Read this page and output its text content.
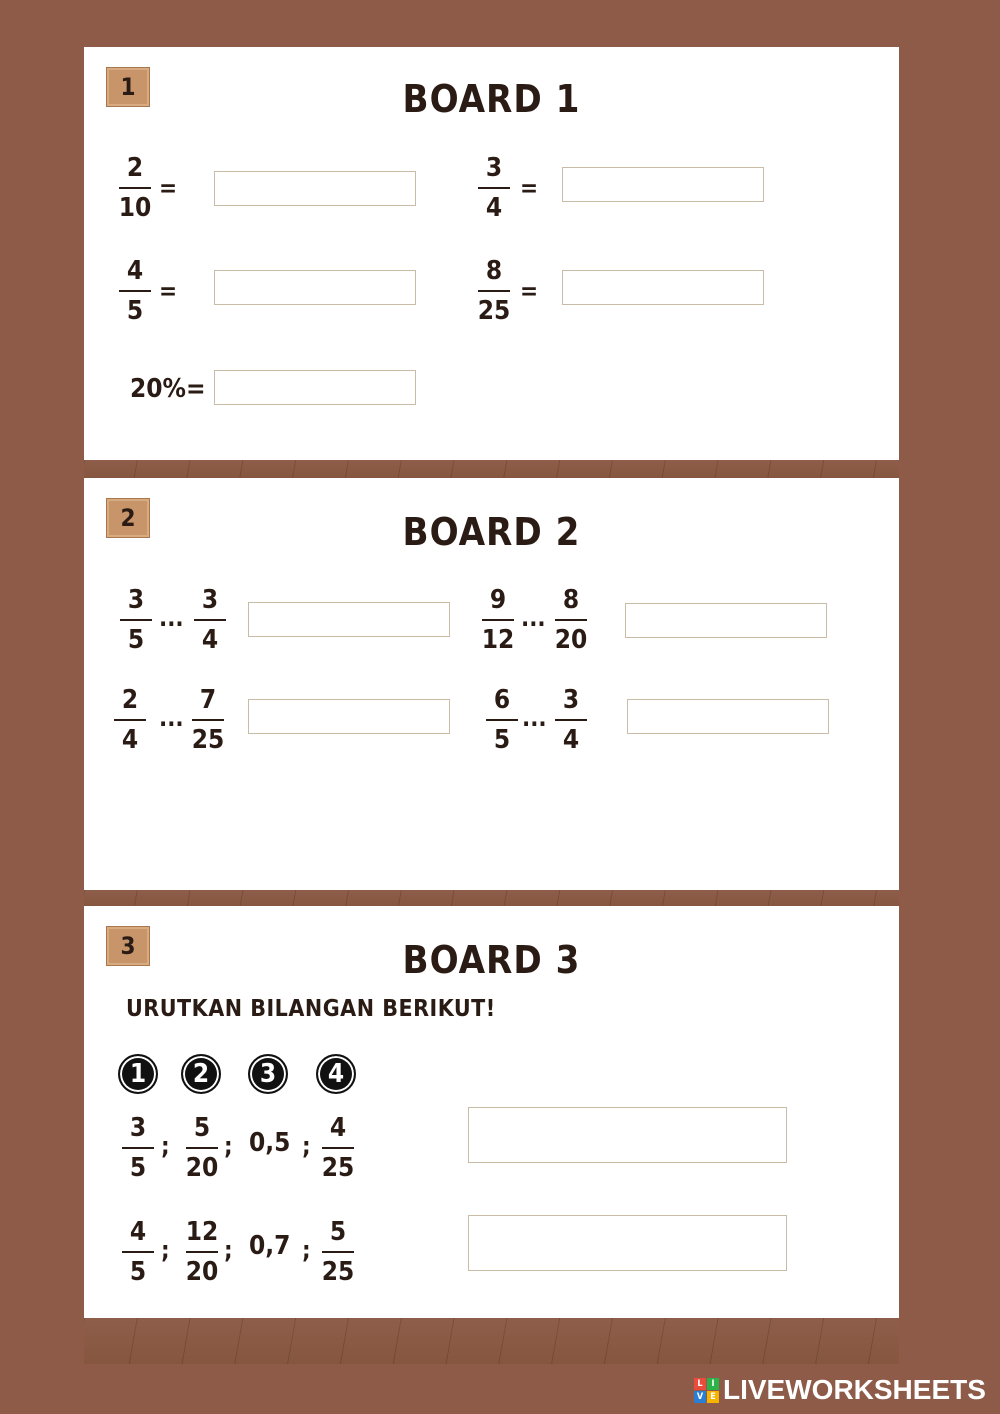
1	BOARD 1
2
10
=
3
4
=
4
5
=
8
25
=
20%=
2	BOARD 2
3
5
...
3
4
9
12
...
8
20
2
4
...
7
25
6
5
...
3
4
3	BOARD 3
URUTKAN BILANGAN BERIKUT!
1	2	3	4
3
5
;
5
20
; 0,5 ;
4
25
4
5
;
12
20
; 0,7 ;
5
25
L I
V E LIVEWORKSHEETS
